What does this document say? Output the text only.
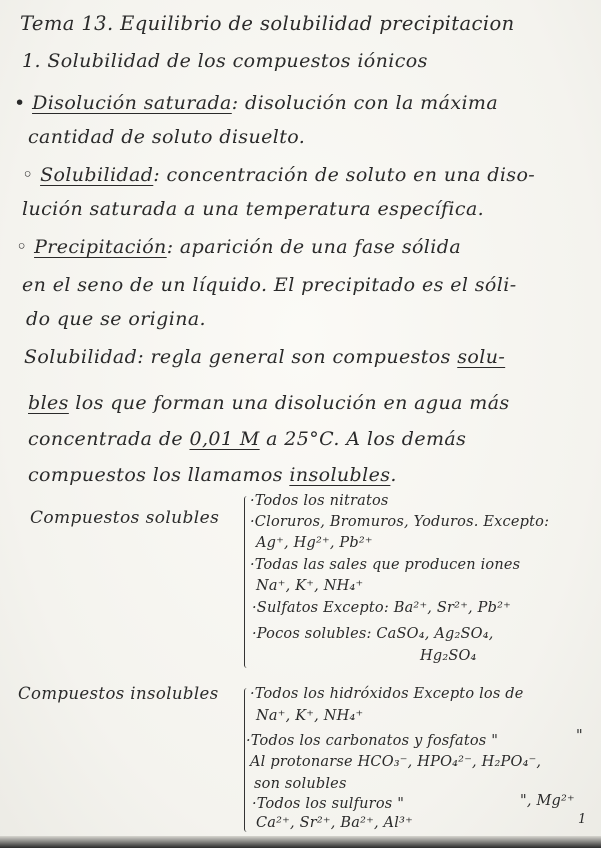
Tema 13. Equilibrio de solubilidad precipitacion
1. Solubilidad de los compuestos iónicos
• Disolución saturada: disolución con la máxima
cantidad de soluto disuelto.
◦ Solubilidad: concentración de soluto en una diso-
lución saturada a una temperatura específica.
◦ Precipitación: aparición de una fase sólida
en el seno de un líquido. El precipitado es el sóli-
do que se origina.
Solubilidad: regla general son compuestos solu-
bles los que forman una disolución en agua más
concentrada de 0,01 M a 25°C. A los demás
compuestos los llamamos insolubles.
Compuestos solubles
·Todos los nitratos
·Cloruros, Bromuros, Yoduros. Excepto:
Ag⁺, Hg²⁺, Pb²⁺
·Todas las sales que producen iones
Na⁺, K⁺, NH₄⁺
·Sulfatos Excepto: Ba²⁺, Sr²⁺, Pb²⁺
·Pocos solubles: CaSO₄, Ag₂SO₄,
Hg₂SO₄
Compuestos insolubles ·Todos los hidróxidos Excepto los de
Na⁺, K⁺, NH₄⁺
·Todos los carbonatos y fosfatos "	"
Al protonarse HCO₃⁻, HPO₄²⁻, H₂PO₄⁻,
son solubles
·Todos los sulfuros "	", Mg²⁺
Ca²⁺, Sr²⁺, Ba²⁺, Al³⁺	1
